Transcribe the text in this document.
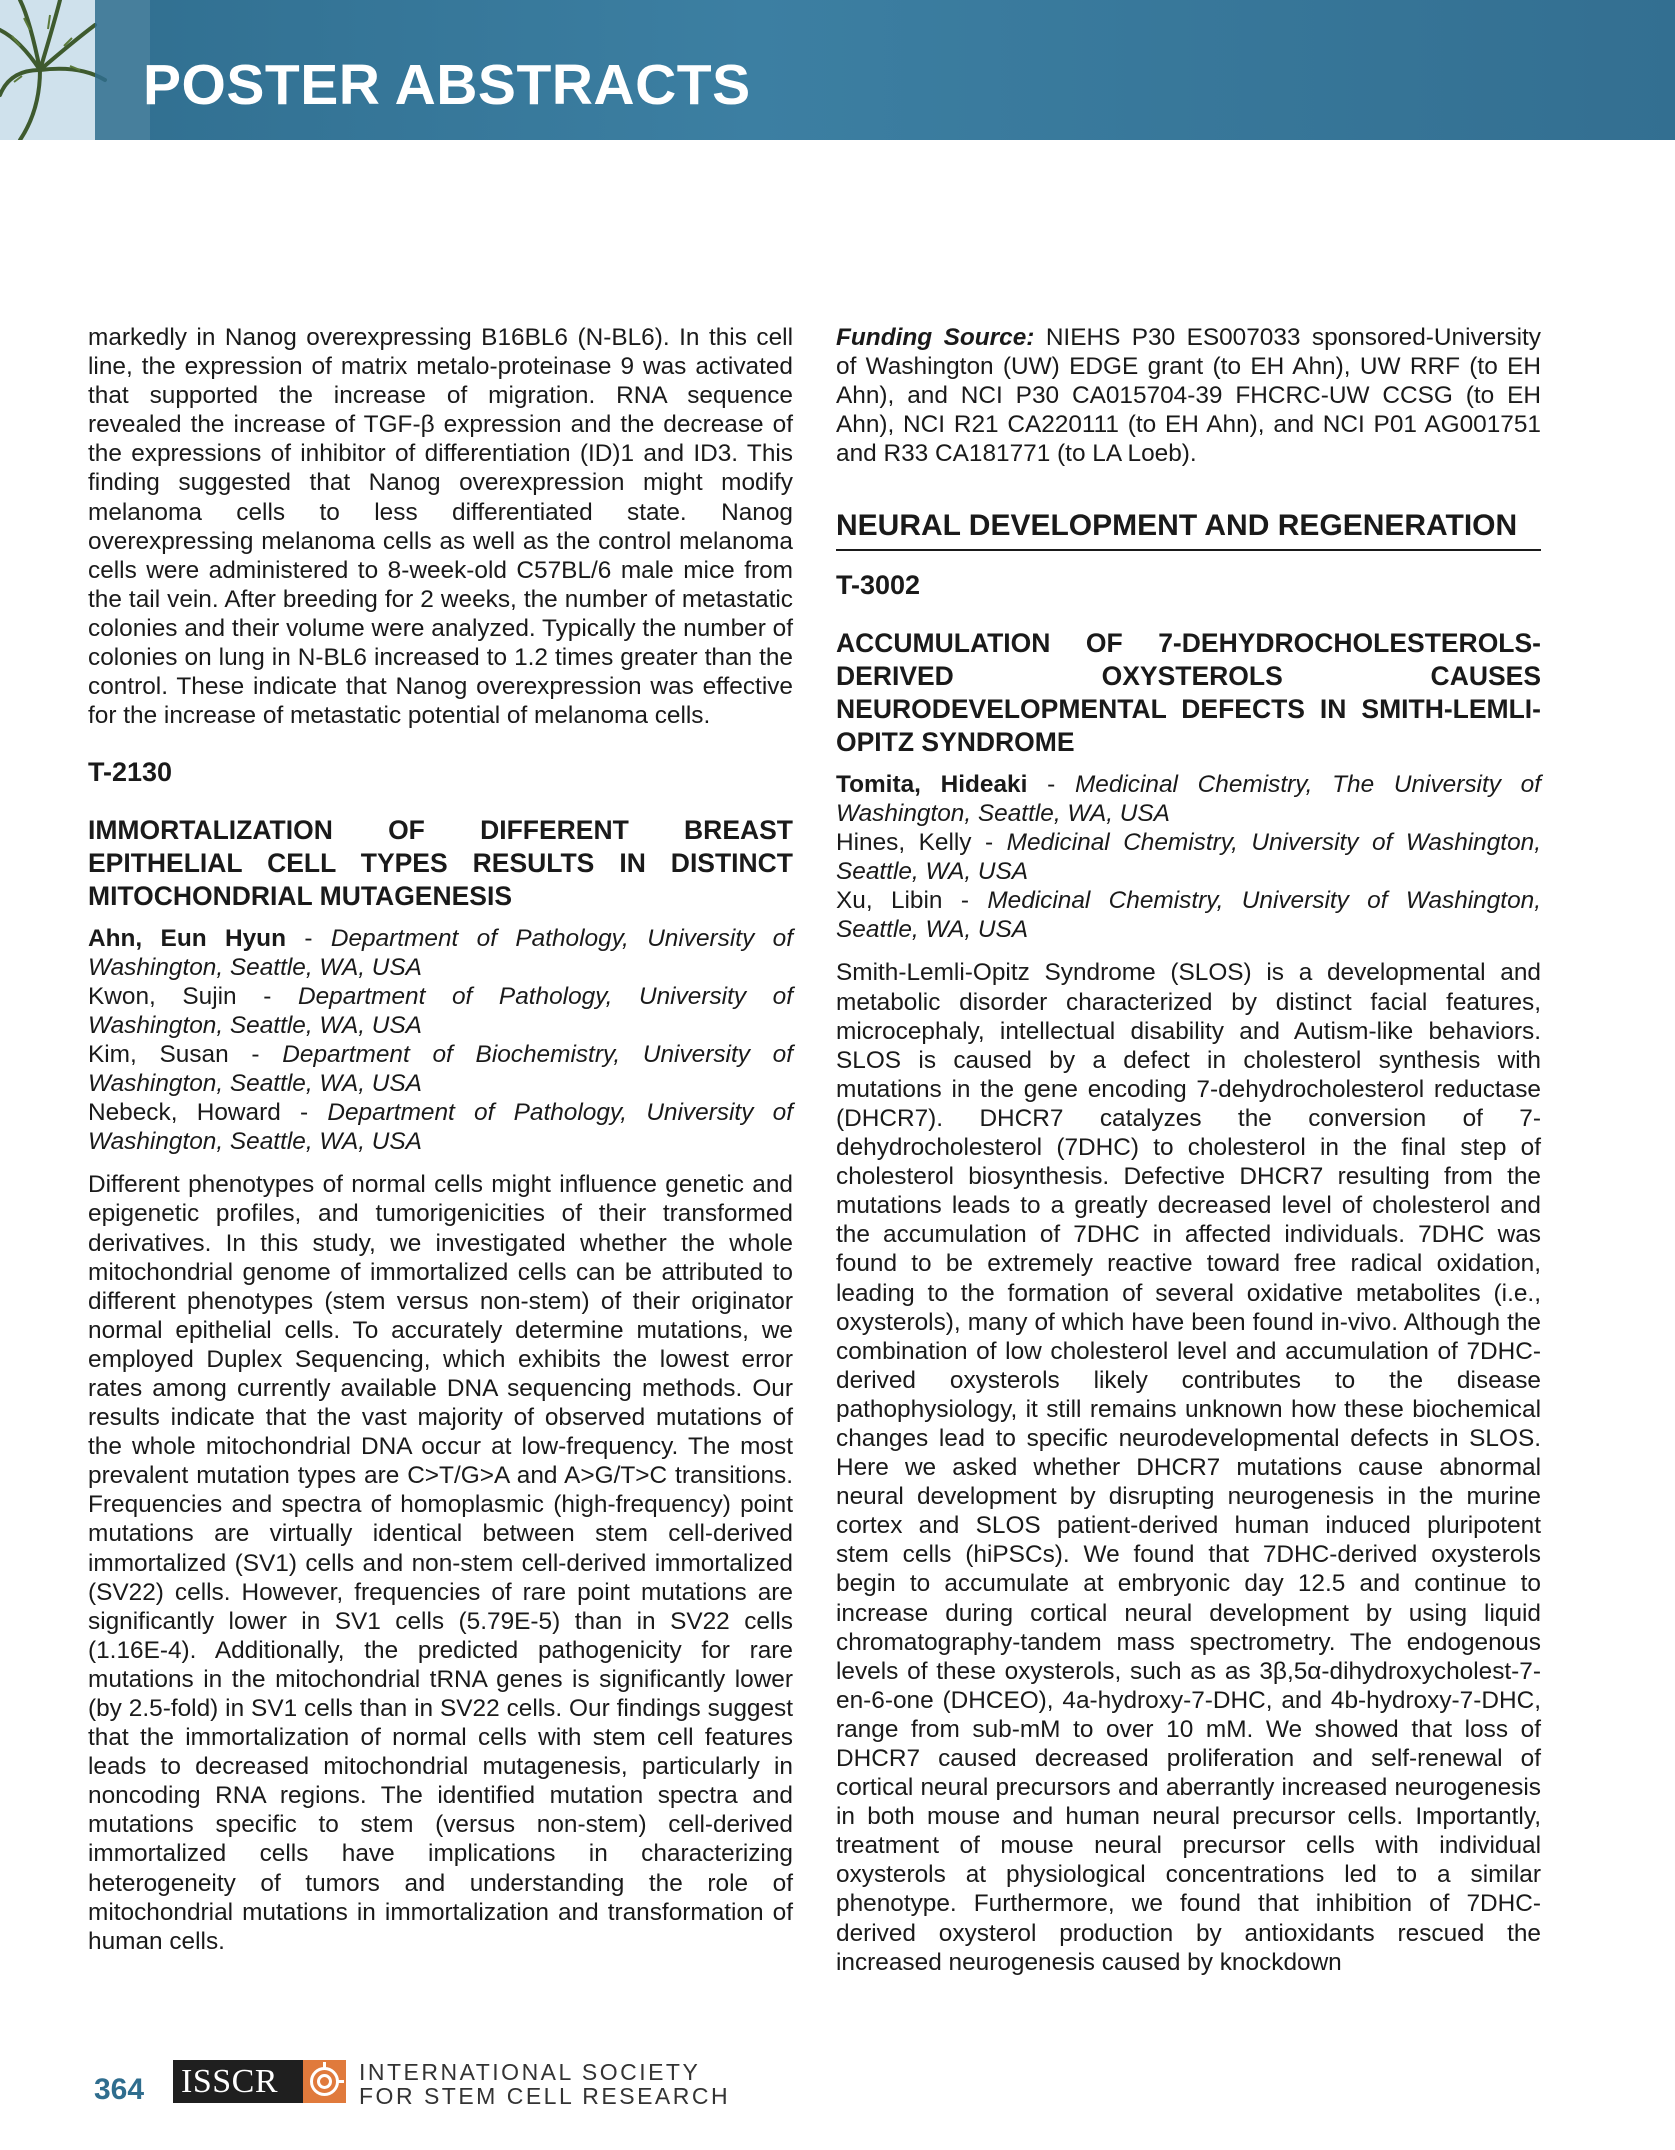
POSTER ABSTRACTS

markedly in Nanog overexpressing B16BL6 (N-BL6). In this cell line, the expression of matrix metalo-proteinase 9 was activated that supported the increase of migration. RNA sequence revealed the increase of TGF-β expression and the decrease of the expressions of inhibitor of differentiation (ID)1 and ID3. This finding suggested that Nanog overexpression might modify melanoma cells to less differentiated state. Nanog overexpressing melanoma cells as well as the control melanoma cells were administered to 8-week-old C57BL/6 male mice from the tail vein. After breeding for 2 weeks, the number of metastatic colonies and their volume were analyzed. Typically the number of colonies on lung in N-BL6 increased to 1.2 times greater than the control. These indicate that Nanog overexpression was effective for the increase of metastatic potential of melanoma cells.

T-2130

IMMORTALIZATION OF DIFFERENT BREAST EPITHELIAL CELL TYPES RESULTS IN DISTINCT MITOCHONDRIAL MUTAGENESIS

Ahn, Eun Hyun - Department of Pathology, University of Washington, Seattle, WA, USA

Kwon, Sujin - Department of Pathology, University of Washington, Seattle, WA, USA

Kim, Susan - Department of Biochemistry, University of Washington, Seattle, WA, USA

Nebeck, Howard - Department of Pathology, University of Washington, Seattle, WA, USA

Different phenotypes of normal cells might influence genetic and epigenetic profiles, and tumorigenicities of their transformed derivatives. In this study, we investigated whether the whole mitochondrial genome of immortalized cells can be attributed to different phenotypes (stem versus non-stem) of their originator normal epithelial cells. To accurately determine mutations, we employed Duplex Sequencing, which exhibits the lowest error rates among currently available DNA sequencing methods. Our results indicate that the vast majority of observed mutations of the whole mitochondrial DNA occur at low-frequency. The most prevalent mutation types are C>T/G>A and A>G/T>C transitions. Frequencies and spectra of homoplasmic (high-frequency) point mutations are virtually identical between stem cell-derived immortalized (SV1) cells and non-stem cell-derived immortalized (SV22) cells. However, frequencies of rare point mutations are significantly lower in SV1 cells (5.79E-5) than in SV22 cells (1.16E-4). Additionally, the predicted pathogenicity for rare mutations in the mitochondrial tRNA genes is significantly lower (by 2.5-fold) in SV1 cells than in SV22 cells. Our findings suggest that the immortalization of normal cells with stem cell features leads to decreased mitochondrial mutagenesis, particularly in noncoding RNA regions. The identified mutation spectra and mutations specific to stem (versus non-stem) cell-derived immortalized cells have implications in characterizing heterogeneity of tumors and understanding the role of mitochondrial mutations in immortalization and transformation of human cells.

Funding Source: NIEHS P30 ES007033 sponsored-University of Washington (UW) EDGE grant (to EH Ahn), UW RRF (to EH Ahn), and NCI P30 CA015704-39 FHCRC-UW CCSG (to EH Ahn), NCI R21 CA220111 (to EH Ahn), and NCI P01 AG001751 and R33 CA181771 (to LA Loeb).

NEURAL DEVELOPMENT AND REGENERATION

T-3002

ACCUMULATION OF 7-DEHYDROCHOLESTEROLS-DERIVED OXYSTEROLS CAUSES NEURODEVELOPMENTAL DEFECTS IN SMITH-LEMLI-OPITZ SYNDROME

Tomita, Hideaki - Medicinal Chemistry, The University of Washington, Seattle, WA, USA

Hines, Kelly - Medicinal Chemistry, University of Washington, Seattle, WA, USA

Xu, Libin - Medicinal Chemistry, University of Washington, Seattle, WA, USA

Smith-Lemli-Opitz Syndrome (SLOS) is a developmental and metabolic disorder characterized by distinct facial features, microcephaly, intellectual disability and Autism-like behaviors. SLOS is caused by a defect in cholesterol synthesis with mutations in the gene encoding 7-dehydrocholesterol reductase (DHCR7). DHCR7 catalyzes the conversion of 7-dehydrocholesterol (7DHC) to cholesterol in the final step of cholesterol biosynthesis. Defective DHCR7 resulting from the mutations leads to a greatly decreased level of cholesterol and the accumulation of 7DHC in affected individuals. 7DHC was found to be extremely reactive toward free radical oxidation, leading to the formation of several oxidative metabolites (i.e., oxysterols), many of which have been found in-vivo. Although the combination of low cholesterol level and accumulation of 7DHC-derived oxysterols likely contributes to the disease pathophysiology, it still remains unknown how these biochemical changes lead to specific neurodevelopmental defects in SLOS. Here we asked whether DHCR7 mutations cause abnormal neural development by disrupting neurogenesis in the murine cortex and SLOS patient-derived human induced pluripotent stem cells (hiPSCs). We found that 7DHC-derived oxysterols begin to accumulate at embryonic day 12.5 and continue to increase during cortical neural development by using liquid chromatography-tandem mass spectrometry. The endogenous levels of these oxysterols, such as as 3β,5α-dihydroxycholest-7-en-6-one (DHCEO), 4a-hydroxy-7-DHC, and 4b-hydroxy-7-DHC, range from sub-mM to over 10 mM. We showed that loss of DHCR7 caused decreased proliferation and self-renewal of cortical neural precursors and aberrantly increased neurogenesis in both mouse and human neural precursor cells. Importantly, treatment of mouse neural precursor cells with individual oxysterols at physiological concentrations led to a similar phenotype. Furthermore, we found that inhibition of 7DHC-derived oxysterol production by antioxidants rescued the increased neurogenesis caused by knockdown

364 ISSCR	INTERNATIONAL SOCIETY
FOR STEM CELL RESEARCH
